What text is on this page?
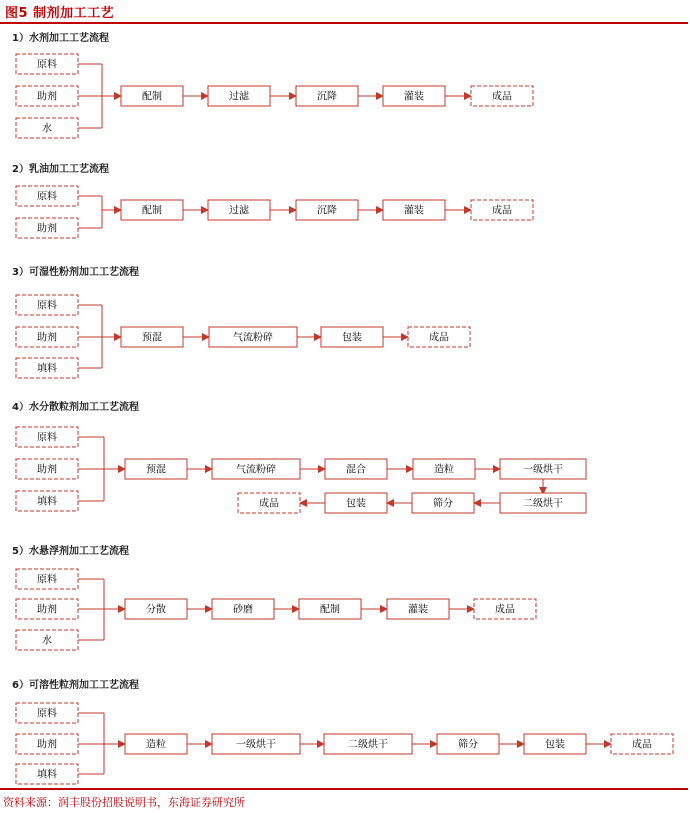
图5 制剂加工工艺
1）水剂加工工艺流程
2）乳油加工工艺流程
3）可湿性粉剂加工工艺流程
4）水分散粒剂加工工艺流程
5）水悬浮剂加工工艺流程
6）可溶性粒剂加工工艺流程
原料
助剂
水
配制	过滤	沉降	灌装	成品
原料
助剂
配制	过滤	沉降	灌装	成品
原料
助剂
填料
预混	气流粉碎	包装	成品
原料
助剂
水
分散	砂磨	配制	灌装	成品
原料
助剂
填料
造粒	一级烘干	二级烘干	筛分	包装	成品
原料
助剂
填料
预混	气流粉碎	混合	造粒	一级烘干
二级烘干
筛分
包装
成品
资料来源：润丰股份招股说明书，东海证券研究所
